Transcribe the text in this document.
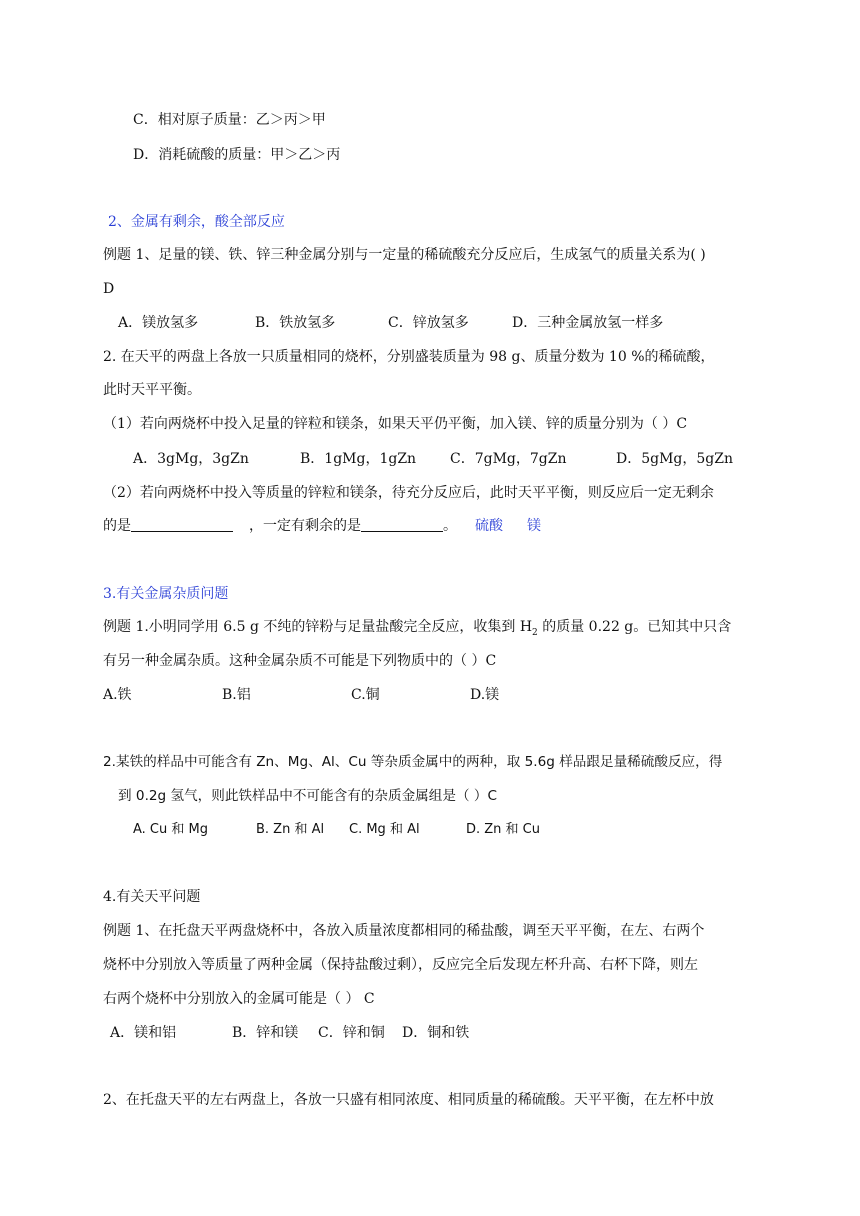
C．相对原子质量：乙＞丙＞甲
D．消耗硫酸的质量：甲＞乙＞丙
2、金属有剩余，酸全部反应
例题 1、足量的镁、铁、锌三种金属分别与一定量的稀硫酸充分反应后，生成氢气的质量关系为( )
D
A．镁放氢多	B．铁放氢多	C．锌放氢多	D．三种金属放氢一样多
2. 在天平的两盘上各放一只质量相同的烧杯，分别盛装质量为 98 g、质量分数为 10 %的稀硫酸，
此时天平平衡。
（1）若向两烧杯中投入足量的锌粒和镁条，如果天平仍平衡，加入镁、锌的质量分别为（ ）C
A．3gMg，3gZn	B．1gMg，1gZn C．7gMg，7gZn	D．5gMg，5gZn
（2）若向两烧杯中投入等质量的锌粒和镁条，待充分反应后，此时天平平衡，则反应后一定无剩余
的是	，一定有剩余的是	。 硫酸 镁
3.有关金属杂质问题
例题 1.小明同学用 6.5 g 不纯的锌粉与足量盐酸完全反应，收集到 $H_2$ 的质量 0.22 g。已知其中只含
有另一种金属杂质。这种金属杂质不可能是下列物质中的（ ）C
A.铁	B.铝	C.铜	D.镁
2.某铁的样品中可能含有 Zn、Mg、Al、Cu 等杂质金属中的两种，取 5.6g 样品跟足量稀硫酸反应，得
到 0.2g 氢气，则此铁样品中不可能含有的杂质金属组是（ ）C
A. Cu 和 Mg	B. Zn 和 Al C. Mg 和 Al	D. Zn 和 Cu
4.有关天平问题
例题 1、在托盘天平两盘烧杯中，各放入质量浓度都相同的稀盐酸，调至天平平衡，在左、右两个
烧杯中分别放入等质量了两种金属（保持盐酸过剩），反应完全后发现左杯升高、右杯下降，则左
右两个烧杯中分别放入的金属可能是（ ） C
A．镁和铝	B．锌和镁 C．锌和铜 D．铜和铁
2、在托盘天平的左右两盘上，各放一只盛有相同浓度、相同质量的稀硫酸。天平平衡，在左杯中放
